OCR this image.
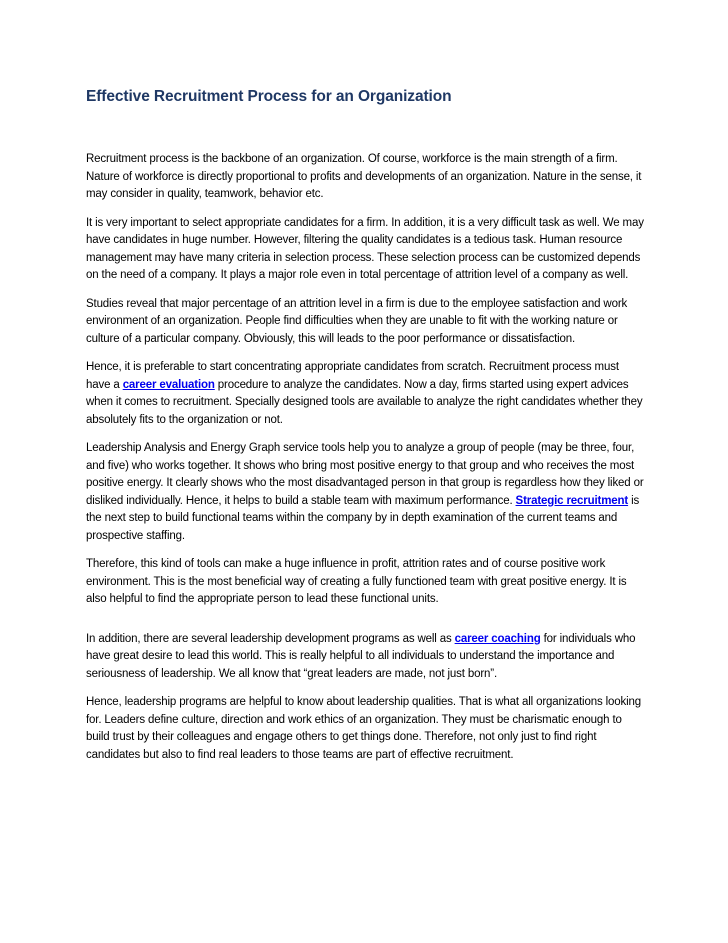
Effective Recruitment Process for an Organization

Recruitment process is the backbone of an organization. Of course, workforce is the main strength of a firm. Nature of workforce is directly proportional to profits and developments of an organization. Nature in the sense, it may consider in quality, teamwork, behavior etc.

It is very important to select appropriate candidates for a firm. In addition, it is a very difficult task as well. We may have candidates in huge number. However, filtering the quality candidates is a tedious task. Human resource management may have many criteria in selection process. These selection process can be customized depends on the need of a company. It plays a major role even in total percentage of attrition level of a company as well.

Studies reveal that major percentage of an attrition level in a firm is due to the employee satisfaction and work environment of an organization. People find difficulties when they are unable to fit with the working nature or culture of a particular company. Obviously, this will leads to the poor performance or dissatisfaction.

Hence, it is preferable to start concentrating appropriate candidates from scratch. Recruitment process must have a career evaluation procedure to analyze the candidates. Now a day, firms started using expert advices when it comes to recruitment. Specially designed tools are available to analyze the right candidates whether they absolutely fits to the organization or not.

Leadership Analysis and Energy Graph service tools help you to analyze a group of people (may be three, four, and five) who works together. It shows who bring most positive energy to that group and who receives the most positive energy. It clearly shows who the most disadvantaged person in that group is regardless how they liked or disliked individually. Hence, it helps to build a stable team with maximum performance. Strategic recruitment is the next step to build functional teams within the company by in depth examination of the current teams and prospective staffing.

Therefore, this kind of tools can make a huge influence in profit, attrition rates and of course positive work environment. This is the most beneficial way of creating a fully functioned team with great positive energy. It is also helpful to find the appropriate person to lead these functional units.

In addition, there are several leadership development programs as well as career coaching for individuals who have great desire to lead this world. This is really helpful to all individuals to understand the importance and seriousness of leadership. We all know that “great leaders are made, not just born”.

Hence, leadership programs are helpful to know about leadership qualities. That is what all organizations looking for. Leaders define culture, direction and work ethics of an organization. They must be charismatic enough to build trust by their colleagues and engage others to get things done. Therefore, not only just to find right candidates but also to find real leaders to those teams are part of effective recruitment.
